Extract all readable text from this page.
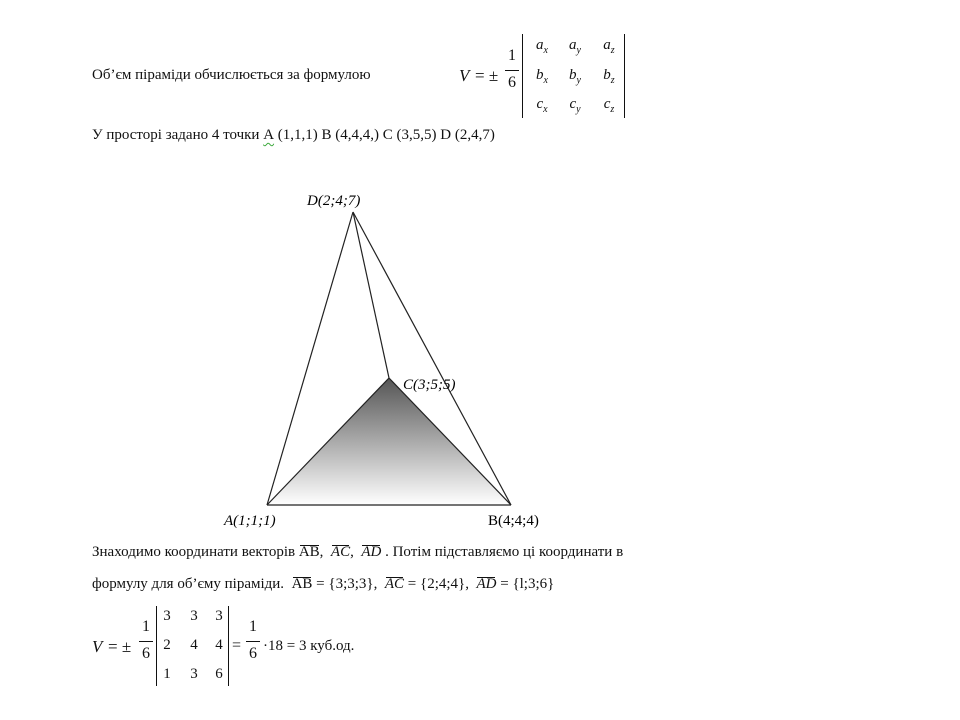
Об’єм піраміди обчислюється за формулою	V = ±
1
6
$a_x$	$a_y$	$a_z$
$b_x$	$b_y$	$b_z$
$c_x$	$c_y$	$c_z$
У просторі задано 4 точки А (1,1,1) В (4,4,4,) С (3,5,5) D (2,4,7)
D(2;4;7)
C(3;5;5)
A(1;1;1)	B(4;4;4)
Знаходимо координати векторів AB, AC, AD . Потім підставляємо ці координати в
формулу для об’єму піраміди. AB = {3;3;3}, AC = {2;4;4}, AD = {l;3;6}
V = ±
1
6
3	3	3
2	4	4
1	3	6
=
1
6 ·18 = 3 куб.од.
